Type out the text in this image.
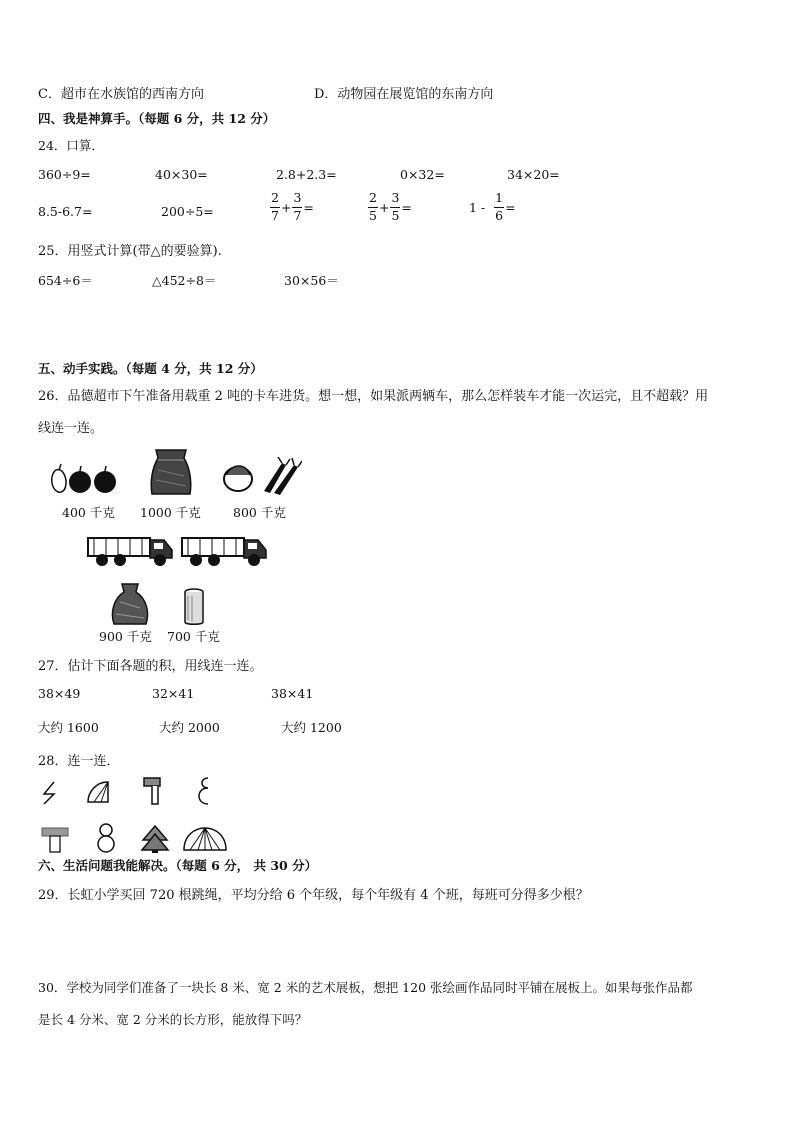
C．超市在水族馆的西南方向	D．动物园在展览馆的东南方向
四、我是神算手。（每题 6 分，共 12 分）
24．口算．
360÷9=	40×30=	2.8+2.3=	0×32=	34×20=
8.5-6.7=	200÷5=	$\frac{2}{7} + \frac{3}{7}$ =	$\frac{2}{5} + \frac{3}{5}$ =	$1 - \frac{1}{6}$ =
25．用竖式计算(带△的要验算).
654÷6＝	△452÷8＝	30×56＝
五、动手实践。（每题 4 分，共 12 分）
26．品德超市下午准备用载重 2 吨的卡车进货。想一想，如果派两辆车，那么怎样装车才能一次运完，且不超载？用
线连一连。
400 千克 1000 千克	800 千克
900 千克 700 千克
27．估计下面各题的积，用线连一连。
38×49	32×41	38×41
大约 1600	大约 2000	大约 1200
28．连一连．
六、生活问题我能解决。（每题 6 分， 共 30 分）
29．长虹小学买回 720 根跳绳，平均分给 6 个年级，每个年级有 4 个班，每班可分得多少根？
30．学校为同学们准备了一块长 8 米、宽 2 米的艺术展板，想把 120 张绘画作品同时平铺在展板上。如果每张作品都
是长 4 分米、宽 2 分米的长方形，能放得下吗？
